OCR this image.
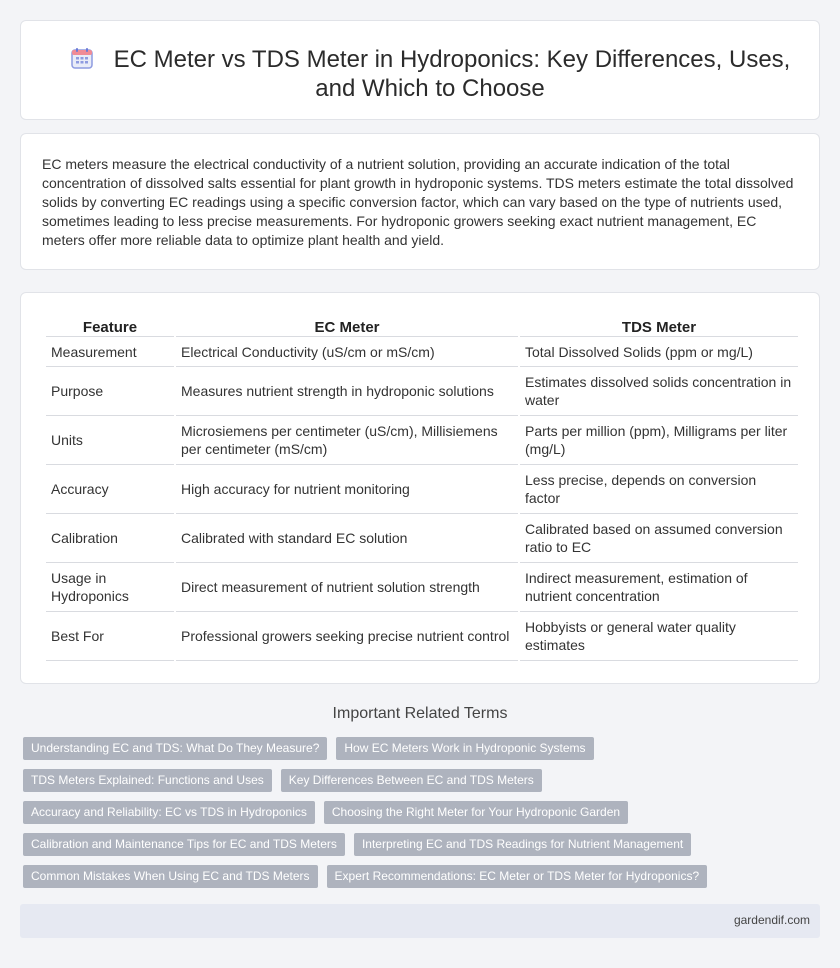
EC Meter vs TDS Meter in Hydroponics: Key Differences, Uses, and Which to Choose

EC meters measure the electrical conductivity of a nutrient solution, providing an accurate indication of the total concentration of dissolved salts essential for plant growth in hydroponic systems. TDS meters estimate the total dissolved solids by converting EC readings using a specific conversion factor, which can vary based on the type of nutrients used, sometimes leading to less precise measurements. For hydroponic growers seeking exact nutrient management, EC meters offer more reliable data to optimize plant health and yield.

Feature	EC Meter	TDS Meter
Measurement	Electrical Conductivity (uS/cm or mS/cm)	Total Dissolved Solids (ppm or mg/L)
Purpose	Measures nutrient strength in hydroponic solutions	Estimates dissolved solids concentration in water
Units	Microsiemens per centimeter (uS/cm), Millisiemens per centimeter (mS/cm)	Parts per million (ppm), Milligrams per liter (mg/L)
Accuracy	High accuracy for nutrient monitoring	Less precise, depends on conversion factor
Calibration	Calibrated with standard EC solution	Calibrated based on assumed conversion ratio to EC
Usage in Hydroponics	Direct measurement of nutrient solution strength	Indirect measurement, estimation of nutrient concentration
Best For	Professional growers seeking precise nutrient control	Hobbyists or general water quality estimates
Important Related Terms
Understanding EC and TDS: What Do They Measure?	How EC Meters Work in Hydroponic Systems
TDS Meters Explained: Functions and Uses	Key Differences Between EC and TDS Meters
Accuracy and Reliability: EC vs TDS in Hydroponics	Choosing the Right Meter for Your Hydroponic Garden
Calibration and Maintenance Tips for EC and TDS Meters	Interpreting EC and TDS Readings for Nutrient Management
Common Mistakes When Using EC and TDS Meters	Expert Recommendations: EC Meter or TDS Meter for Hydroponics?
gardendif.com
